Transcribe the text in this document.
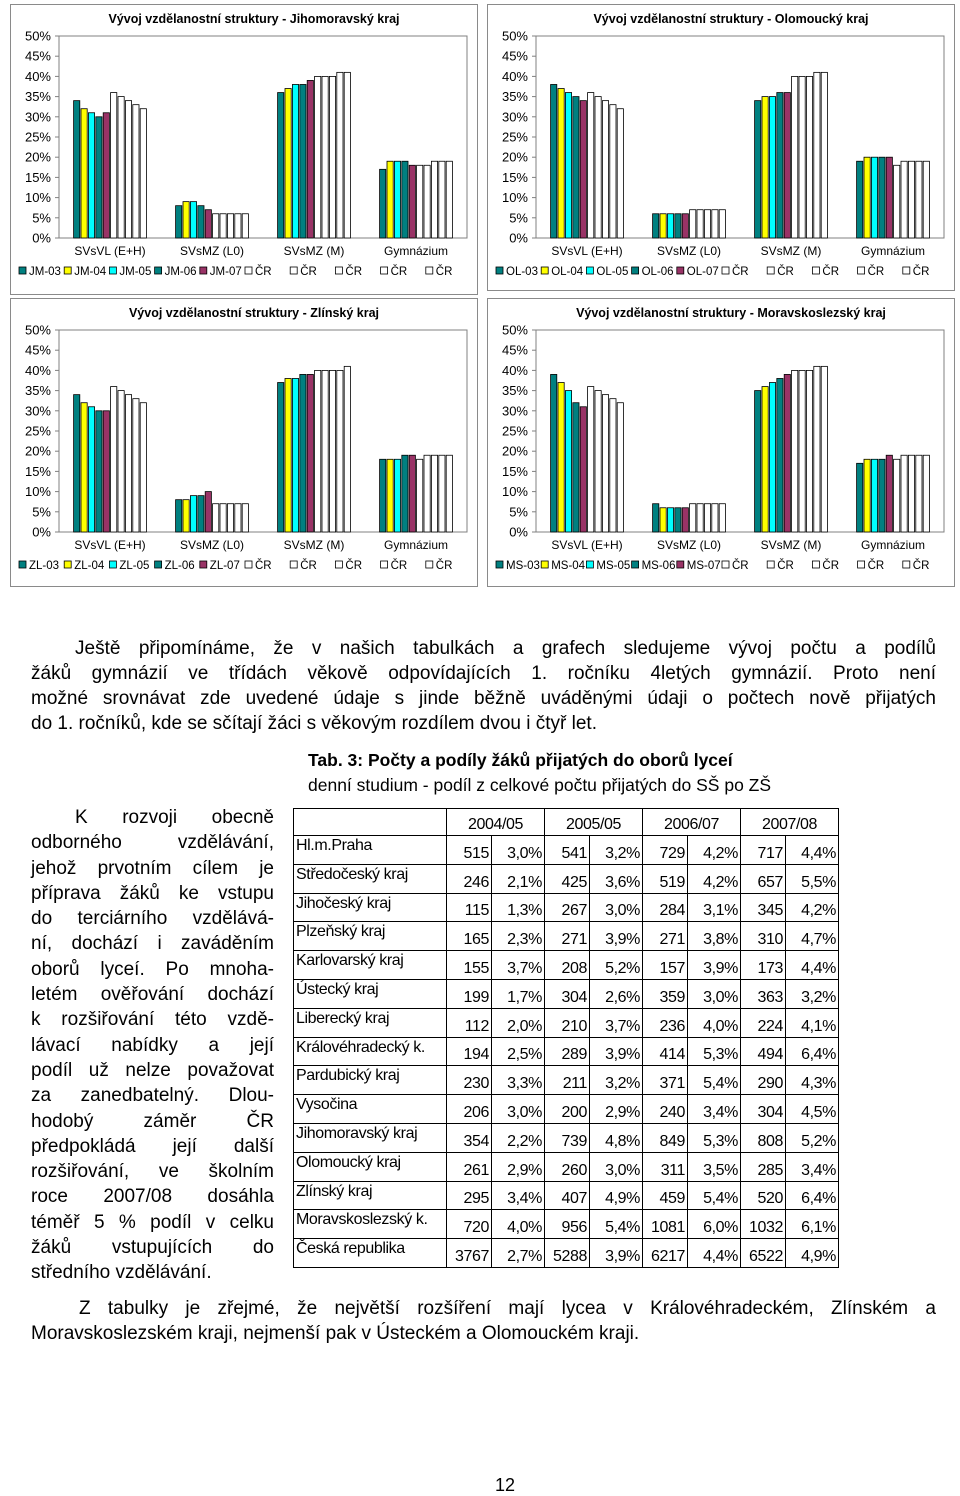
Vývoj vzdělanostní struktury - Jihomoravský kraj
50%
45%
40%
35%
30%
25%
20%
15%
10%
5%
0%
SVsVL (E+H)	SVsMZ (L0)	SVsMZ (M)	Gymnázium
JM-03 JM-04 JM-05 JM-06 JM-07 ČR ČR ČR ČR ČR
Vývoj vzdělanostní struktury - Olomoucký kraj
50%
45%
40%
35%
30%
25%
20%
15%
10%
5%
0%
SVsVL (E+H)	SVsMZ (L0)	SVsMZ (M)	Gymnázium
OL-03 OL-04 OL-05 OL-06 OL-07 ČR ČR ČR ČR ČR
Vývoj vzdělanostní struktury - Zlínský kraj
50%
45%
40%
35%
30%
25%
20%
15%
10%
5%
0%
SVsVL (E+H)	SVsMZ (L0)	SVsMZ (M)	Gymnázium
ZL-03 ZL-04 ZL-05 ZL-06 ZL-07 ČR ČR ČR ČR ČR
Vývoj vzdělanostní struktury - Moravskoslezský kraj
50%
45%
40%
35%
30%
25%
20%
15%
10%
5%
0%
SVsVL (E+H)	SVsMZ (L0)	SVsMZ (M)	Gymnázium
MS-03 MS-04 MS-05 MS-06 MS-07 ČR ČR ČR ČR ČR

Ještě připomínáme, že v našich tabulkách a grafech sledujeme vývoj počtu a podílů

žáků gymnázií ve třídách věkově odpovídajících 1. ročníku 4letých gymnázií. Proto není

možné srovnávat zde uvedené údaje s jinde běžně uváděnými údaji o počtech nově přijatých

do 1. ročníků, kde se sčítají žáci s věkovým rozdílem dvou i čtyř let.

Tab. 3: Počty a podíly žáků přijatých do oborů lyceí
denní studium - podíl z celkové počtu přijatých do SŠ po ZŠ
K rozvoji obecně
odborného vzdělávání,
jehož prvotním cílem je
příprava žáků ke vstupu
do terciárního vzdělává-
ní, dochází i zaváděním
oborů lyceí. Po mnoha-
letém ověřování dochází
k rozšiřování této vzdě-
lávací nabídky a její
podíl už nelze považovat
za zanedbatelný. Dlou-
hodobý záměr ČR
předpokládá její další
rozšiřování, ve školním
roce 2007/08 dosáhla
téměř 5 % podíl v celku
žáků vstupujících do
středního vzdělávání.
	2004/05		2005/05		2006/07		2007/08	
Hl.m.Praha	515	3,0%	541	3,2%	729	4,2%	717	4,4%
Středočeský kraj	246	2,1%	425	3,6%	519	4,2%	657	5,5%
Jihočeský kraj	115	1,3%	267	3,0%	284	3,1%	345	4,2%
Plzeňský kraj	165	2,3%	271	3,9%	271	3,8%	310	4,7%
Karlovarský kraj	155	3,7%	208	5,2%	157	3,9%	173	4,4%
Ústecký kraj	199	1,7%	304	2,6%	359	3,0%	363	3,2%
Liberecký kraj	112	2,0%	210	3,7%	236	4,0%	224	4,1%
Královéhradecký k.	194	2,5%	289	3,9%	414	5,3%	494	6,4%
Pardubický kraj	230	3,3%	211	3,2%	371	5,4%	290	4,3%
Vysočina	206	3,0%	200	2,9%	240	3,4%	304	4,5%
Jihomoravský kraj	354	2,2%	739	4,8%	849	5,3%	808	5,2%
Olomoucký kraj	261	2,9%	260	3,0%	311	3,5%	285	3,4%
Zlínský kraj	295	3,4%	407	4,9%	459	5,4%	520	6,4%
Moravskoslezský k.	720	4,0%	956	5,4%	1081	6,0%	1032	6,1%
Česká republika	3767	2,7%	5288	3,9%	6217	4,4%	6522	4,9%

Z tabulky je zřejmé, že největší rozšíření mají lycea v Královéhradeckém, Zlínském a

Moravskoslezském kraji, nejmenší pak v Ústeckém a Olomouckém kraji.

12
